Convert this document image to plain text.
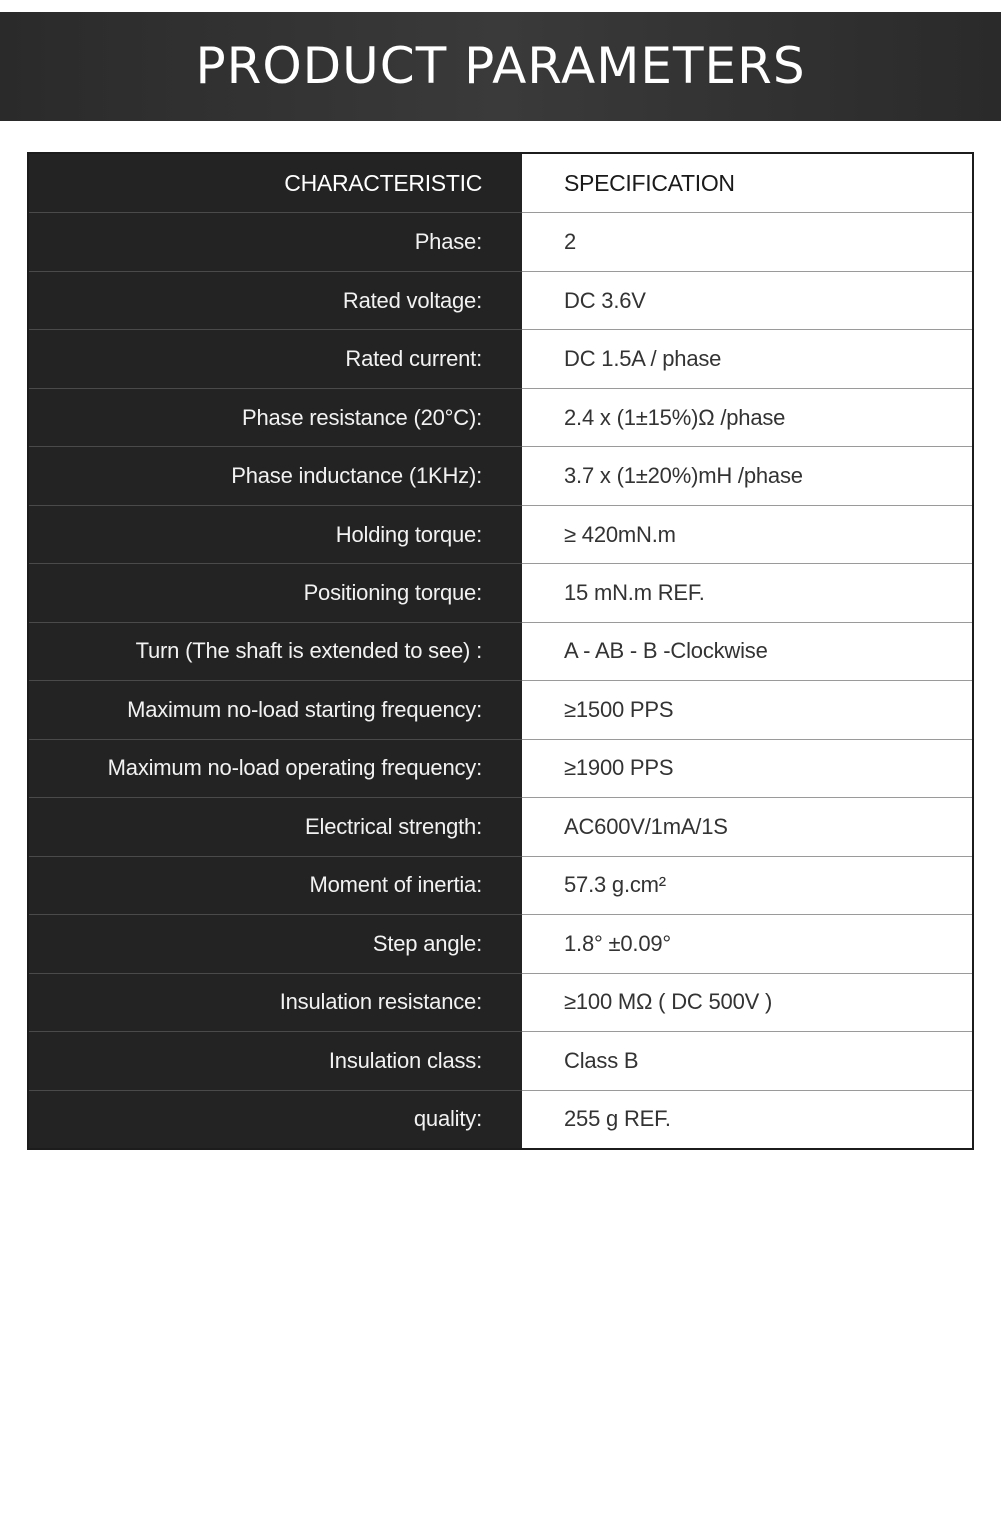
PRODUCT PARAMETERS
CHARACTERISTIC	SPECIFICATION
Phase:	2
Rated voltage:	DC 3.6V
Rated current:	DC 1.5A / phase
Phase resistance (20°C):	2.4 x (1±15%)Ω /phase
Phase inductance (1KHz):	3.7 x (1±20%)mH /phase
Holding torque:	≥ 420mN.m
Positioning torque:	15 mN.m REF.
Turn (The shaft is extended to see) :	A - AB - B -Clockwise
Maximum no-load starting frequency:	≥1500 PPS
Maximum no-load operating frequency:	≥1900 PPS
Electrical strength:	AC600V/1mA/1S
Moment of inertia:	57.3 g.cm²
Step angle:	1.8° ±0.09°
Insulation resistance:	≥100 MΩ ( DC 500V )
Insulation class:	Class B
quality:	255 g REF.
